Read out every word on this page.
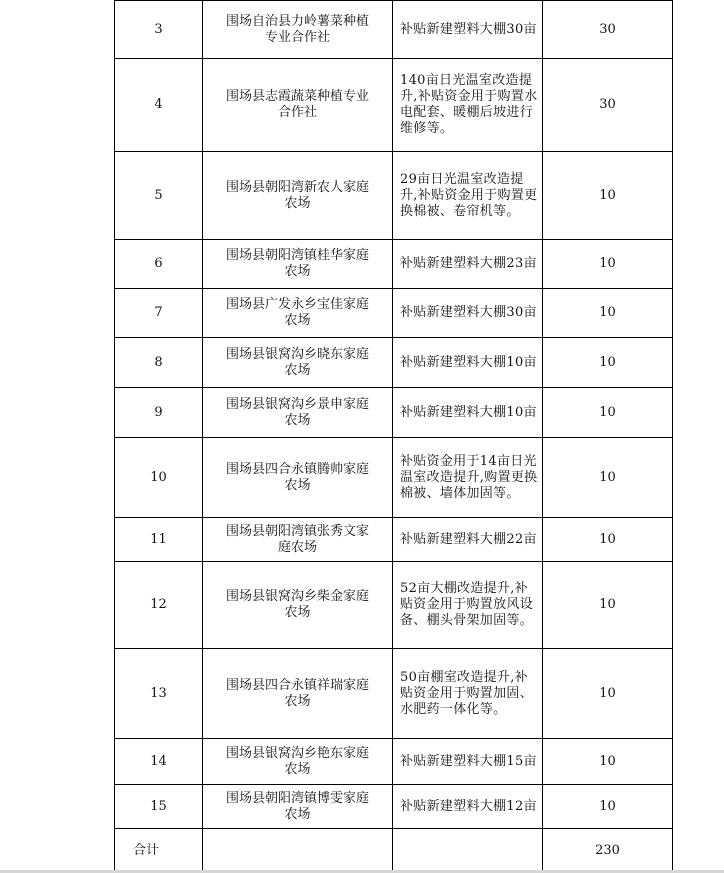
3	围场自治县力岭薯菜种植专业合作社	补贴新建塑料大棚30亩	30
4	围场县志霞蔬菜种植专业合作社	140亩日光温室改造提升,补贴资金用于购置水电配套、暖棚后坡进行维修等。	30
5	围场县朝阳湾新农人家庭农场	29亩日光温室改造提升,补贴资金用于购置更换棉被、卷帘机等。	10
6	围场县朝阳湾镇桂华家庭农场	补贴新建塑料大棚23亩	10
7	围场县广发永乡宝佳家庭农场	补贴新建塑料大棚30亩	10
8	围场县银窝沟乡晓东家庭农场	补贴新建塑料大棚10亩	10
9	围场县银窝沟乡景申家庭农场	补贴新建塑料大棚10亩	10
10	围场县四合永镇腾帅家庭农场	补贴资金用于14亩日光温室改造提升,购置更换棉被、墙体加固等。	10
11	围场县朝阳湾镇张秀文家庭农场	补贴新建塑料大棚22亩	10
12	围场县银窝沟乡柴金家庭农场	52亩大棚改造提升,补贴资金用于购置放风设备、棚头骨架加固等。	10
13	围场县四合永镇祥瑞家庭农场	50亩棚室改造提升,补贴资金用于购置加固、水肥药一体化等。	10
14	围场县银窝沟乡艳东家庭农场	补贴新建塑料大棚15亩	10
15	围场县朝阳湾镇博雯家庭农场	补贴新建塑料大棚12亩	10
合计			230
